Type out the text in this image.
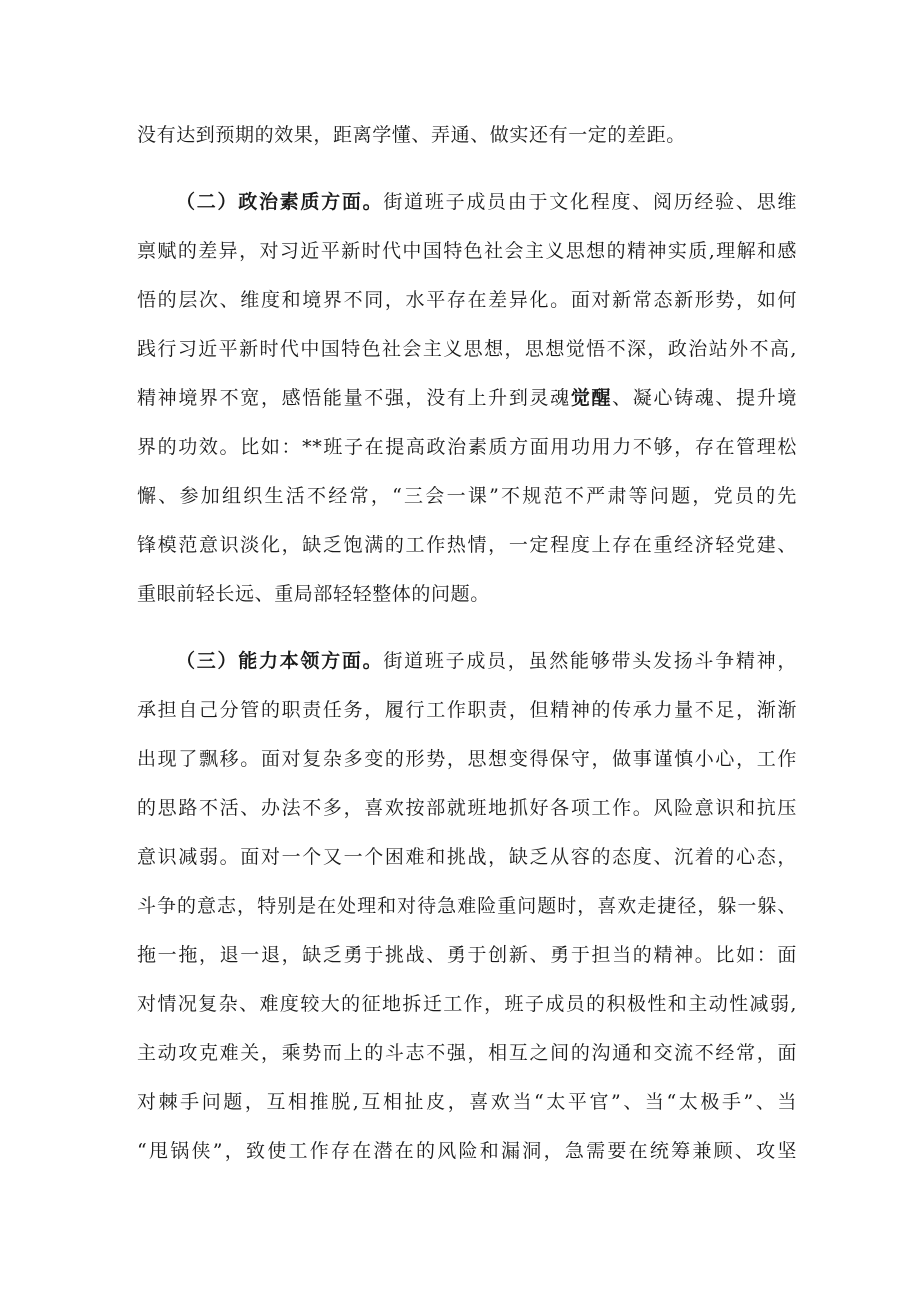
没有达到预期的效果，距离学懂、弄通、做实还有一定的差距。
（二）政治素质方面。街道班子成员由于文化程度、阅历经验、思维
禀赋的差异，对习近平新时代中国特色社会主义思想的精神实质,理解和感
悟的层次、维度和境界不同，水平存在差异化。面对新常态新形势，如何
践行习近平新时代中国特色社会主义思想，思想觉悟不深，政治站外不高,
精神境界不宽，感悟能量不强，没有上升到灵魂觉醒、凝心铸魂、提升境
界的功效。比如：**班子在提高政治素质方面用功用力不够，存在管理松
懈、参加组织生活不经常，“三会一课”不规范不严肃等问题，党员的先
锋模范意识淡化，缺乏饱满的工作热情，一定程度上存在重经济轻党建、
重眼前轻长远、重局部轻轻整体的问题。
（三）能力本领方面。街道班子成员，虽然能够带头发扬斗争精神，
承担自己分管的职责任务，履行工作职责，但精神的传承力量不足，渐渐
出现了飘移。面对复杂多变的形势，思想变得保守，做事谨慎小心，工作
的思路不活、办法不多，喜欢按部就班地抓好各项工作。风险意识和抗压
意识减弱。面对一个又一个困难和挑战，缺乏从容的态度、沉着的心态，
斗争的意志，特别是在处理和对待急难险重问题时，喜欢走捷径，躲一躲、
拖一拖，退一退，缺乏勇于挑战、勇于创新、勇于担当的精神。比如：面
对情况复杂、难度较大的征地拆迁工作，班子成员的积极性和主动性减弱,
主动攻克难关，乘势而上的斗志不强，相互之间的沟通和交流不经常，面
对棘手问题，互相推脱,互相扯皮，喜欢当“太平官”、当“太极手”、当
“甩锅侠”，致使工作存在潜在的风险和漏洞，急需要在统筹兼顾、攻坚
